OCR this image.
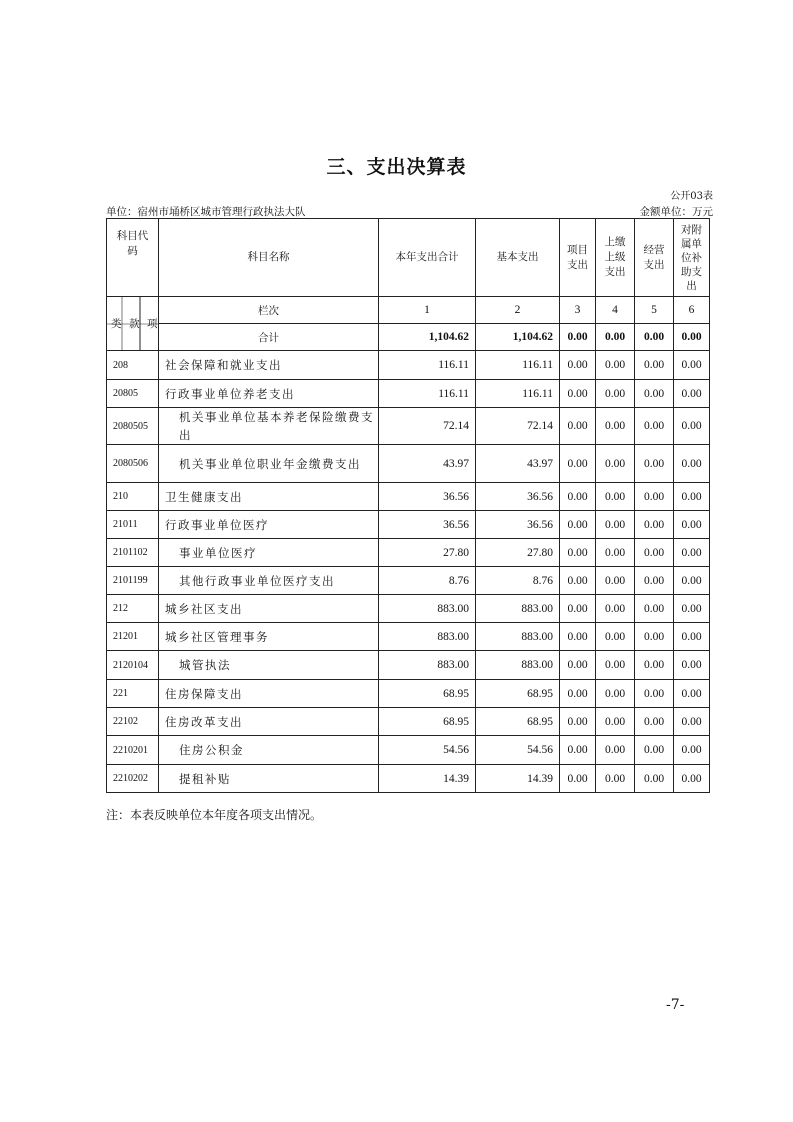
三、支出决算表
公开03表
单位：宿州市埇桥区城市管理行政执法大队	金额单位：万元
科目代码	科目名称	本年支出合计	基本支出	项目支出	上缴上级支出	经营支出	对附属单位补助支出

类 款 项	栏次	1	2	3	4	5	6
	合计	1,104.62	1,104.62	0.00	0.00	0.00	0.00
208	社会保障和就业支出	116.11	116.11	0.00	0.00	0.00	0.00
20805	行政事业单位养老支出	116.11	116.11	0.00	0.00	0.00	0.00
2080505	机关事业单位基本养老保险缴费支出	72.14	72.14	0.00	0.00	0.00	0.00
2080506	机关事业单位职业年金缴费支出	43.97	43.97	0.00	0.00	0.00	0.00
210	卫生健康支出	36.56	36.56	0.00	0.00	0.00	0.00
21011	行政事业单位医疗	36.56	36.56	0.00	0.00	0.00	0.00
2101102	事业单位医疗	27.80	27.80	0.00	0.00	0.00	0.00
2101199	其他行政事业单位医疗支出	8.76	8.76	0.00	0.00	0.00	0.00
212	城乡社区支出	883.00	883.00	0.00	0.00	0.00	0.00
21201	城乡社区管理事务	883.00	883.00	0.00	0.00	0.00	0.00
2120104	城管执法	883.00	883.00	0.00	0.00	0.00	0.00
221	住房保障支出	68.95	68.95	0.00	0.00	0.00	0.00
22102	住房改革支出	68.95	68.95	0.00	0.00	0.00	0.00
2210201	住房公积金	54.56	54.56	0.00	0.00	0.00	0.00
2210202	提租补贴	14.39	14.39	0.00	0.00	0.00	0.00
注：本表反映单位本年度各项支出情况。
-7-
